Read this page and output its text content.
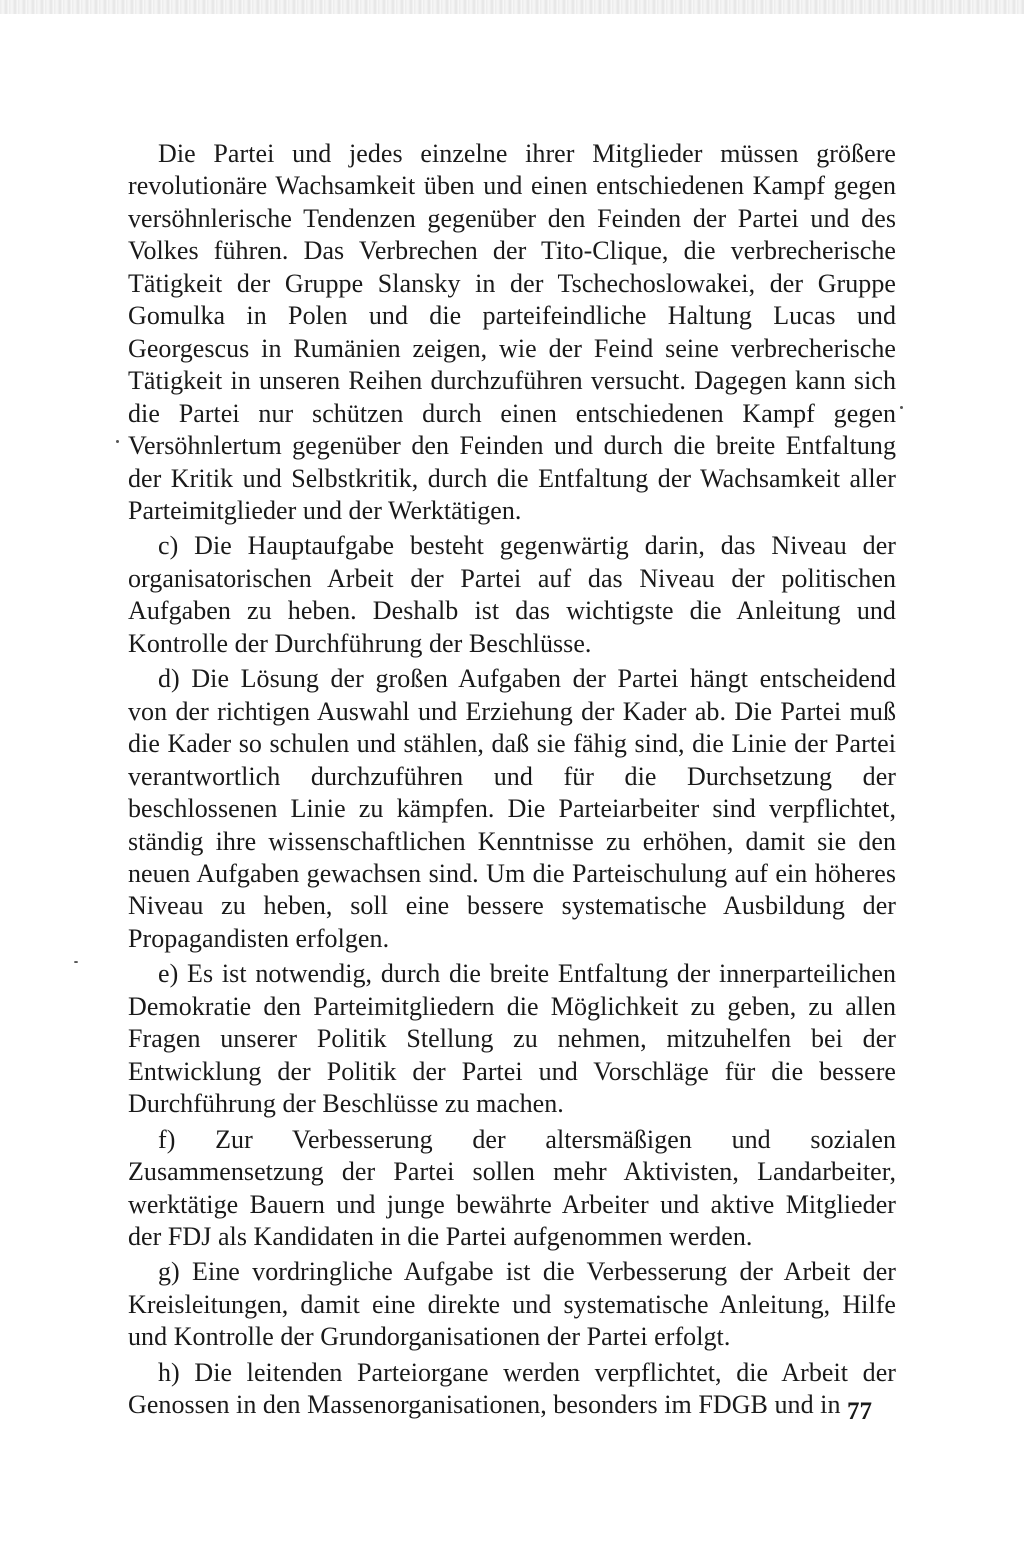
Die Partei und jedes einzelne ihrer Mitglieder müssen größere revolutionäre Wachsamkeit üben und einen entschiedenen Kampf gegen versöhnlerische Tendenzen gegenüber den Feinden der Partei und des Volkes führen. Das Verbrechen der Tito-Clique, die verbrecherische Tätigkeit der Gruppe Slansky in der Tschechoslowakei, der Gruppe Gomulka in Polen und die parteifeindliche Haltung Lucas und Georgescus in Rumänien zeigen, wie der Feind seine verbrecherische Tätigkeit in unseren Reihen durchzuführen versucht. Dagegen kann sich die Partei nur schützen durch einen entschiedenen Kampf gegen Versöhnlertum gegenüber den Feinden und durch die breite Entfaltung der Kritik und Selbstkritik, durch die Entfaltung der Wachsamkeit aller Parteimitglieder und der Werktätigen.

c) Die Hauptaufgabe besteht gegenwärtig darin, das Niveau der organisatorischen Arbeit der Partei auf das Niveau der politischen Aufgaben zu heben. Deshalb ist das wichtigste die Anleitung und Kontrolle der Durchführung der Beschlüsse.

d) Die Lösung der großen Aufgaben der Partei hängt entscheidend von der richtigen Auswahl und Erziehung der Kader ab. Die Partei muß die Kader so schulen und stählen, daß sie fähig sind, die Linie der Partei verantwortlich durchzuführen und für die Durchsetzung der beschlossenen Linie zu kämpfen. Die Parteiarbeiter sind verpflichtet, ständig ihre wissenschaftlichen Kenntnisse zu erhöhen, damit sie den neuen Aufgaben gewachsen sind. Um die Parteischulung auf ein höheres Niveau zu heben, soll eine bessere systematische Ausbildung der Propagandisten erfolgen.

e) Es ist notwendig, durch die breite Entfaltung der innerparteilichen Demokratie den Parteimitgliedern die Möglichkeit zu geben, zu allen Fragen unserer Politik Stellung zu nehmen, mitzuhelfen bei der Entwicklung der Politik der Partei und Vorschläge für die bessere Durchführung der Beschlüsse zu machen.

f) Zur Verbesserung der altersmäßigen und sozialen Zusammensetzung der Partei sollen mehr Aktivisten, Landarbeiter, werktätige Bauern und junge bewährte Arbeiter und aktive Mitglieder der FDJ als Kandidaten in die Partei aufgenommen werden.

g) Eine vordringliche Aufgabe ist die Verbesserung der Arbeit der Kreisleitungen, damit eine direkte und systematische Anleitung, Hilfe und Kontrolle der Grundorganisationen der Partei erfolgt.

h) Die leitenden Parteiorgane werden verpflichtet, die Arbeit der Genossen in den Massenorganisationen, besonders im FDGB und in 77
